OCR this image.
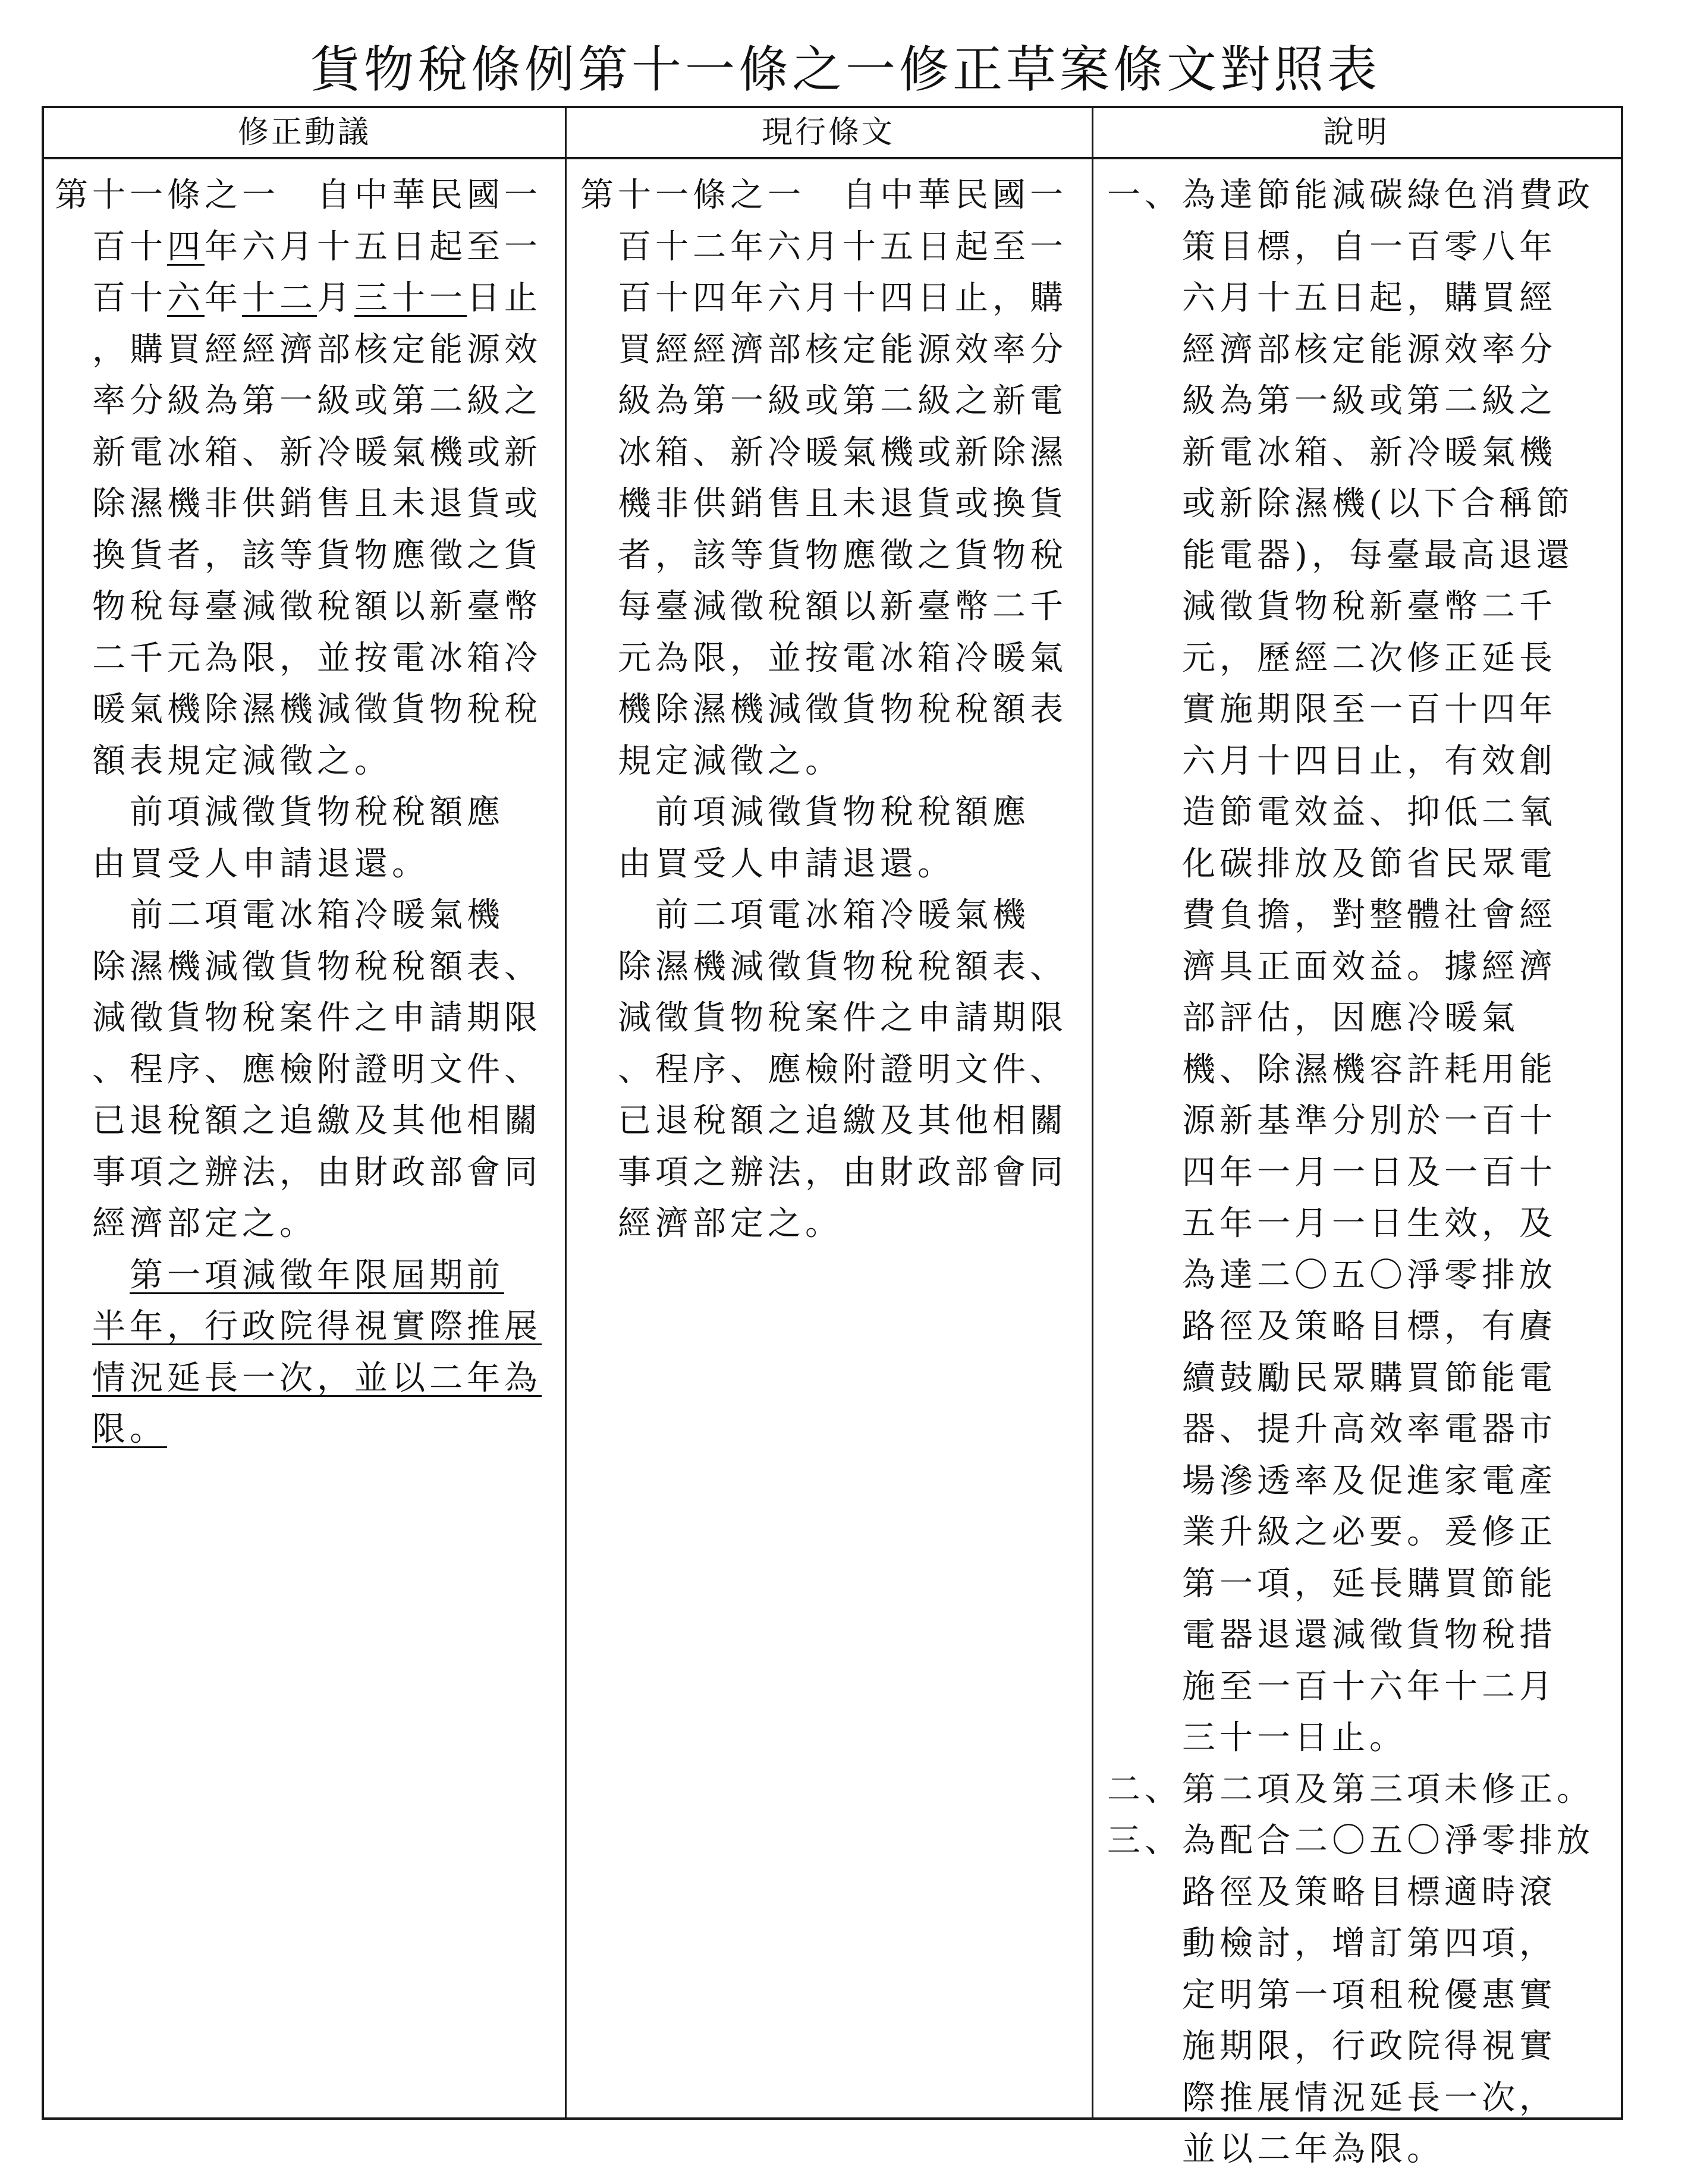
貨物稅條例第十一條之一修正草案條文對照表
修正動議	現行條文	說明
第十一條之一　自中華民國一
　百十四年六月十五日起至一
　百十六年十二月三十一日止
　，購買經經濟部核定能源效
　率分級為第一級或第二級之
　新電冰箱、新冷暖氣機或新
　除濕機非供銷售且未退貨或
　換貨者，該等貨物應徵之貨
　物稅每臺減徵稅額以新臺幣
　二千元為限，並按電冰箱冷
　暖氣機除濕機減徵貨物稅稅
　額表規定減徵之。
　　前項減徵貨物稅稅額應
　由買受人申請退還。
　　前二項電冰箱冷暖氣機
　除濕機減徵貨物稅稅額表、
　減徵貨物稅案件之申請期限
　、程序、應檢附證明文件、
　已退稅額之追繳及其他相關
　事項之辦法，由財政部會同
　經濟部定之。
　　第一項減徵年限屆期前
　半年，行政院得視實際推展
　情況延長一次，並以二年為
　限。
第十一條之一　自中華民國一
　百十二年六月十五日起至一
　百十四年六月十四日止，購
　買經經濟部核定能源效率分
　級為第一級或第二級之新電
　冰箱、新冷暖氣機或新除濕
　機非供銷售且未退貨或換貨
　者，該等貨物應徵之貨物稅
　每臺減徵稅額以新臺幣二千
　元為限，並按電冰箱冷暖氣
　機除濕機減徵貨物稅稅額表
　規定減徵之。
　　前項減徵貨物稅稅額應
　由買受人申請退還。
　　前二項電冰箱冷暖氣機
　除濕機減徵貨物稅稅額表、
　減徵貨物稅案件之申請期限
　、程序、應檢附證明文件、
　已退稅額之追繳及其他相關
　事項之辦法，由財政部會同
　經濟部定之。
一、為達節能減碳綠色消費政
　　策目標，自一百零八年
　　六月十五日起，購買經
　　經濟部核定能源效率分
　　級為第一級或第二級之
　　新電冰箱、新冷暖氣機
　　或新除濕機(以下合稱節
　　能電器)，每臺最高退還
　　減徵貨物稅新臺幣二千
　　元，歷經二次修正延長
　　實施期限至一百十四年
　　六月十四日止，有效創
　　造節電效益、抑低二氧
　　化碳排放及節省民眾電
　　費負擔，對整體社會經
　　濟具正面效益。據經濟
　　部評估，因應冷暖氣
　　機、除濕機容許耗用能
　　源新基準分別於一百十
　　四年一月一日及一百十
　　五年一月一日生效，及
　　為達二〇五〇淨零排放
　　路徑及策略目標，有賡
　　續鼓勵民眾購買節能電
　　器、提升高效率電器市
　　場滲透率及促進家電產
　　業升級之必要。爰修正
　　第一項，延長購買節能
　　電器退還減徵貨物稅措
　　施至一百十六年十二月
　　三十一日止。
二、第二項及第三項未修正。
三、為配合二〇五〇淨零排放
　　路徑及策略目標適時滾
　　動檢討，增訂第四項，
　　定明第一項租稅優惠實
　　施期限，行政院得視實
　　際推展情況延長一次，
　　並以二年為限。
